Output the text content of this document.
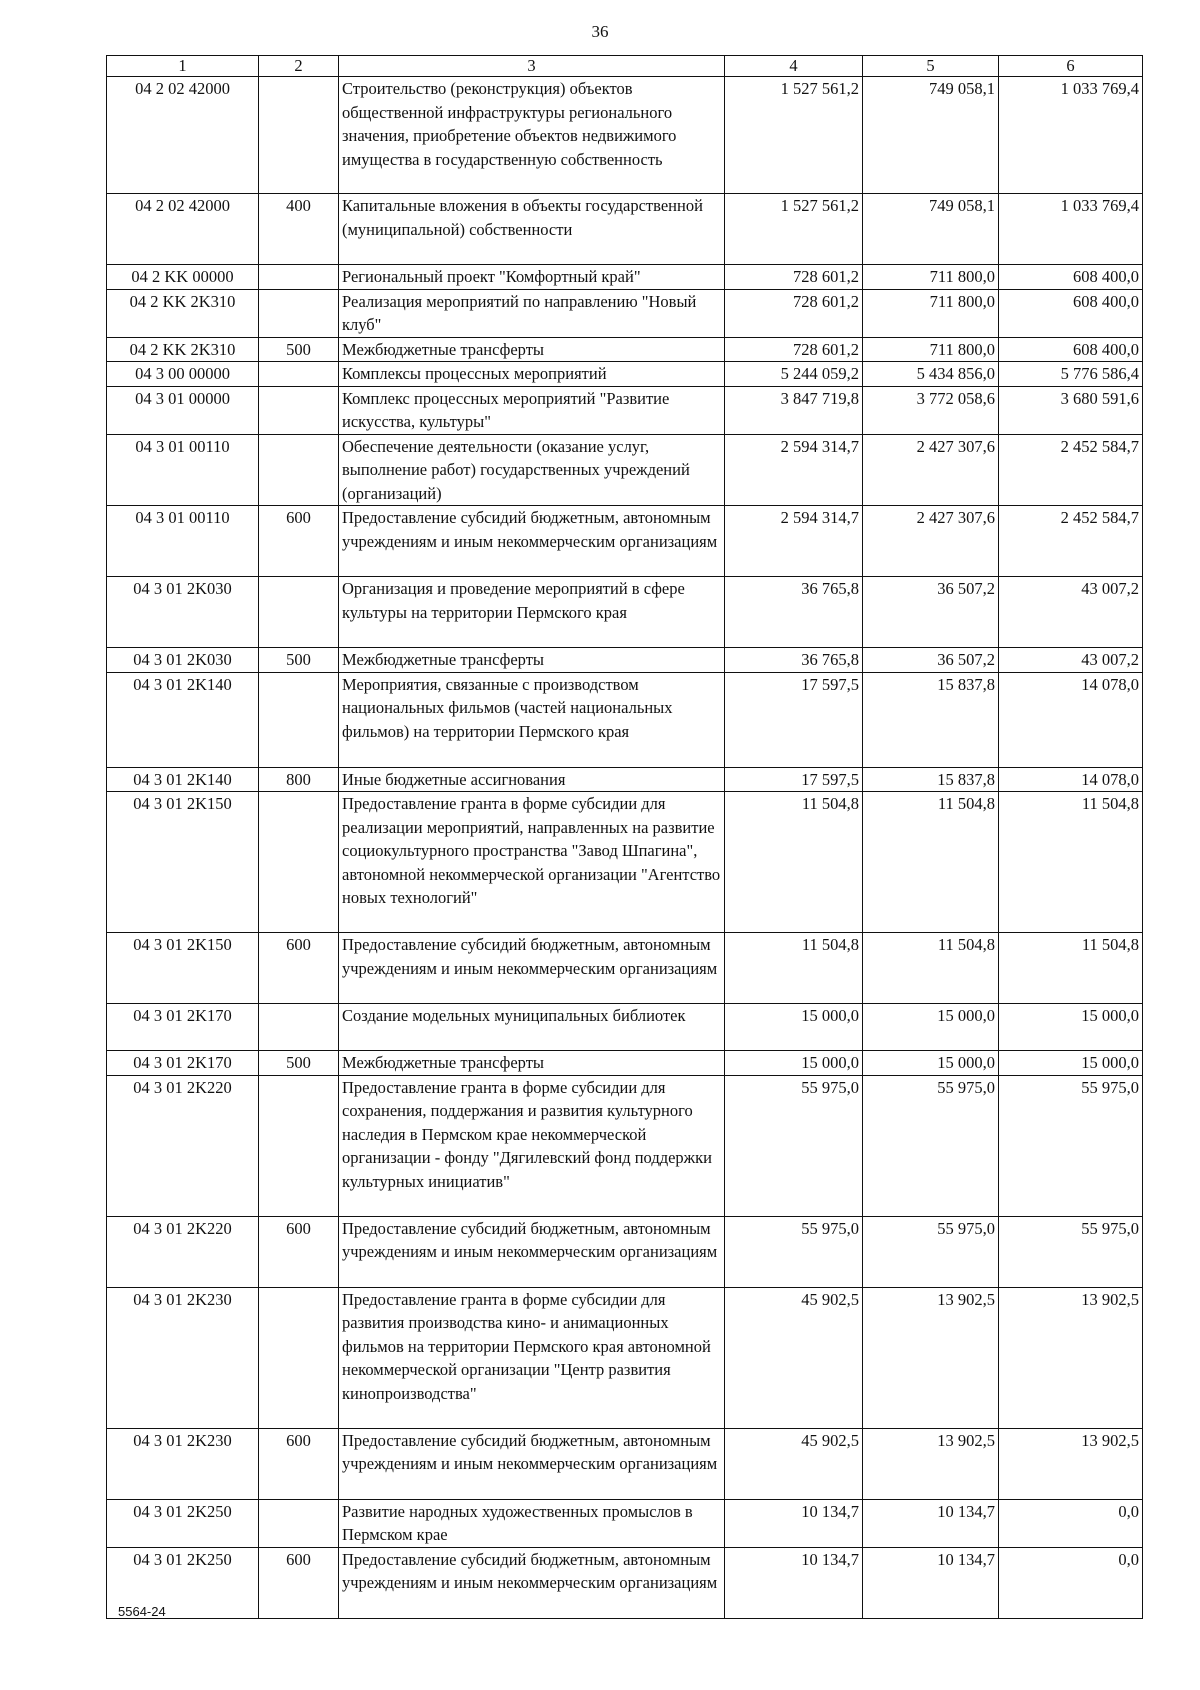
36
1	2	3	4	5	6
04 2 02 42000		Строительство (реконструкция) объектов общественной инфраструктуры регионального значения, приобретение объектов недвижимого имущества в государственную собственность	1 527 561,2	749 058,1	1 033 769,4
04 2 02 42000	400	Капитальные вложения в объекты государственной (муниципальной) собственности	1 527 561,2	749 058,1	1 033 769,4
04 2 KK 00000		Региональный проект "Комфортный край"	728 601,2	711 800,0	608 400,0
04 2 KK 2K310		Реализация мероприятий по направлению "Новый клуб"	728 601,2	711 800,0	608 400,0
04 2 KK 2K310	500	Межбюджетные трансферты	728 601,2	711 800,0	608 400,0
04 3 00 00000		Комплексы процессных мероприятий	5 244 059,2	5 434 856,0	5 776 586,4
04 3 01 00000		Комплекс процессных мероприятий "Развитие искусства, культуры"	3 847 719,8	3 772 058,6	3 680 591,6
04 3 01 00110		Обеспечение деятельности (оказание услуг, выполнение работ) государственных учреждений (организаций)	2 594 314,7	2 427 307,6	2 452 584,7
04 3 01 00110	600	Предоставление субсидий бюджетным, автономным учреждениям и иным некоммерческим организациям	2 594 314,7	2 427 307,6	2 452 584,7
04 3 01 2K030		Организация и проведение мероприятий в сфере культуры на территории Пермского края	36 765,8	36 507,2	43 007,2
04 3 01 2K030	500	Межбюджетные трансферты	36 765,8	36 507,2	43 007,2
04 3 01 2K140		Мероприятия, связанные с производством национальных фильмов (частей национальных фильмов) на территории Пермского края	17 597,5	15 837,8	14 078,0
04 3 01 2K140	800	Иные бюджетные ассигнования	17 597,5	15 837,8	14 078,0
04 3 01 2K150		Предоставление гранта в форме субсидии для реализации мероприятий, направленных на развитие социокультурного пространства "Завод Шпагина", автономной некоммерческой организации "Агентство новых технологий"	11 504,8	11 504,8	11 504,8
04 3 01 2K150	600	Предоставление субсидий бюджетным, автономным учреждениям и иным некоммерческим организациям	11 504,8	11 504,8	11 504,8
04 3 01 2K170		Создание модельных муниципальных библиотек	15 000,0	15 000,0	15 000,0
04 3 01 2K170	500	Межбюджетные трансферты	15 000,0	15 000,0	15 000,0
04 3 01 2K220		Предоставление гранта в форме субсидии для сохранения, поддержания и развития культурного наследия в Пермском крае некоммерческой организации - фонду "Дягилевский фонд поддержки культурных инициатив"	55 975,0	55 975,0	55 975,0
04 3 01 2K220	600	Предоставление субсидий бюджетным, автономным учреждениям и иным некоммерческим организациям	55 975,0	55 975,0	55 975,0
04 3 01 2K230		Предоставление гранта в форме субсидии для развития производства кино- и анимационных фильмов на территории Пермского края автономной некоммерческой организации "Центр развития кинопроизводства"	45 902,5	13 902,5	13 902,5
04 3 01 2K230	600	Предоставление субсидий бюджетным, автономным учреждениям и иным некоммерческим организациям	45 902,5	13 902,5	13 902,5
04 3 01 2K250		Развитие народных художественных промыслов в Пермском крае	10 134,7	10 134,7	0,0
04 3 01 2K250	600	Предоставление субсидий бюджетным, автономным учреждениям и иным некоммерческим организациям	10 134,7	10 134,7	0,0
5564-24
